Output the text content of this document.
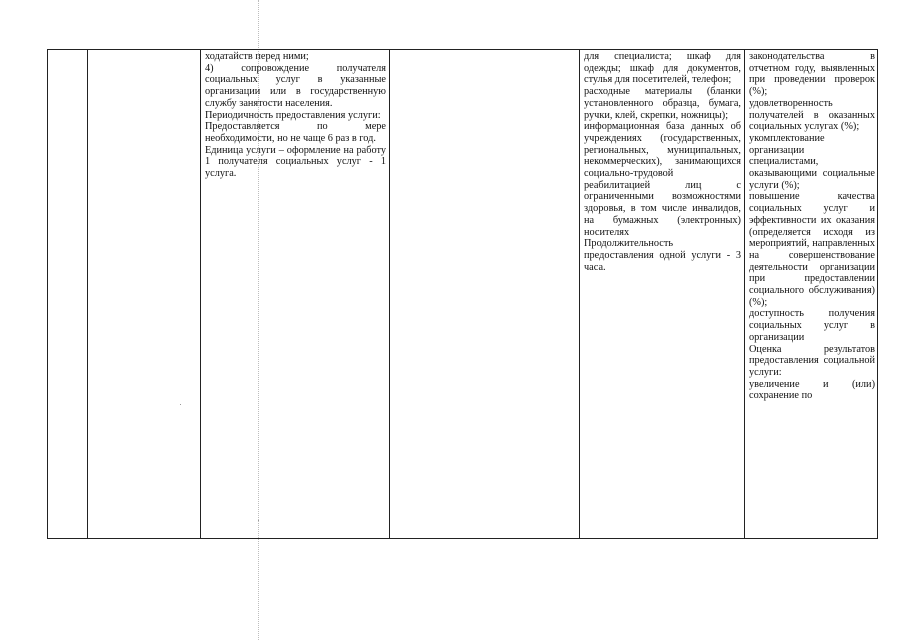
ходатайств перед ними;
4) сопровождение получателя социальных услуг в указанные организации или в государственную службу занятости населения.
Периодичность предоставления услуги:
Предоставляется по мере необходимости, но не чаще 6 раз в год.
Единица услуги – оформление на работу 1 получателя социальных услуг - 1 услуга.

для специалиста; шкаф для одежды; шкаф для документов, стулья для посетителей, телефон;
расходные материалы (бланки установленного образца, бумага, ручки, клей, скрепки, ножницы);
информационная база данных об учреждениях (государственных, региональных, муниципальных, некоммерческих), занимающихся социально-трудовой реабилитацией лиц с ограниченными возможностями здоровья, в том числе инвалидов, на бумажных (электронных) носителях
Продолжительность предоставления одной услуги - 3 часа.

законодательства в отчетном году, выявленных при проведении проверок (%);
удовлетворенность получателей в оказанных социальных услугах (%);
укомплектование организации специалистами, оказывающими социальные услуги (%);
повышение качества социальных услуг и эффективности их оказания (определяется исходя из мероприятий, направленных на совершенствование деятельности организации при предоставлении социального обслуживания) (%);
доступность получения социальных услуг в организации
Оценка результатов предоставления социальной услуги:
увеличение и (или) сохранение по
